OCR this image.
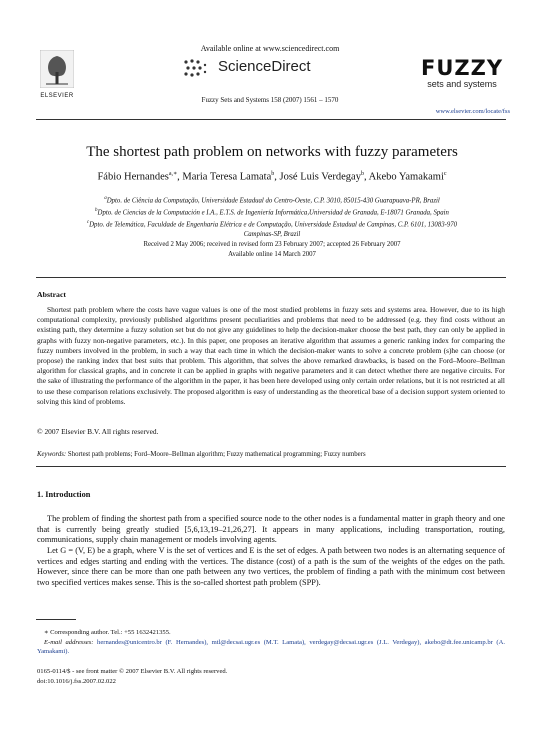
Available online at www.sciencedirect.com
ScienceDirect
Fuzzy Sets and Systems 158 (2007) 1561 – 1570
ELSEVIER
FUZZY
sets and systems
www.elsevier.com/locate/fss
The shortest path problem on networks with fuzzy parameters
Fábio Hernandes$^{a,∗}$, Maria Teresa Lamata$^b$, José Luis Verdegay$^b$, Akebo Yamakami$^c$
$^a$Dpto. de Ciência da Computação, Universidade Estadual do Centro-Oeste, C.P. 3010, 85015-430 Guarapuava-PR, Brazil
$^b$Dpto. de Ciencias de la Computación e I.A., E.T.S. de Ingeniería Informática,Universidad de Granada, E-18071 Granada, Spain
$^c$Dpto. de Telemática, Faculdade de Engenharia Elétrica e de Computação, Universidade Estadual de Campinas, C.P. 6101, 13083-970
Campinas-SP, Brazil
Received 2 May 2006; received in revised form 23 February 2007; accepted 26 February 2007
Available online 14 March 2007
Abstract
Shortest path problem where the costs have vague values is one of the most studied problems in fuzzy sets and systems area. However, due to its high computational complexity, previously published algorithms present peculiarities and problems that need to be addressed (e.g. they find costs without an existing path, they determine a fuzzy solution set but do not give any guidelines to help the decision-maker choose the best path, they can only be applied in graphs with fuzzy non-negative parameters, etc.). In this paper, one proposes an iterative algorithm that assumes a generic ranking index for comparing the fuzzy numbers involved in the problem, in such a way that each time in which the decision-maker wants to solve a concrete problem (s)he can choose (or propose) the ranking index that best suits that problem. This algorithm, that solves the above remarked drawbacks, is based on the Ford–Moore–Bellman algorithm for classical graphs, and in concrete it can be applied in graphs with negative parameters and it can detect whether there are negative circuits. For the sake of illustrating the performance of the algorithm in the paper, it has been here developed using only certain order relations, but it is not restricted at all to use these comparison relations exclusively. The proposed algorithm is easy of understanding as the theoretical base of a decision support system oriented to solving this kind of problems.
© 2007 Elsevier B.V. All rights reserved.
Keywords: Shortest path problems; Ford–Moore–Bellman algorithm; Fuzzy mathematical programming; Fuzzy numbers
1. Introduction
The problem of finding the shortest path from a specified source node to the other nodes is a fundamental matter in graph theory and one that is currently being greatly studied [5,6,13,19–21,26,27]. It appears in many applications, including transportation, routing, communications, supply chain management or models involving agents.
Let G = (V, E) be a graph, where V is the set of vertices and E is the set of edges. A path between two nodes is an alternating sequence of vertices and edges starting and ending with the vertices. The distance (cost) of a path is the sum of the weights of the edges on the path. However, since there can be more than one path between any two vertices, the problem of finding a path with the minimum cost between two specified vertices makes sense. This is the so-called shortest path problem (SPP).
∗ Corresponding author. Tel.: +55 1632421355.
E-mail addresses: hernandes@unicentro.br (F. Hernandes), mtl@decsai.ugr.es (M.T. Lamata), verdegay@decsai.ugr.es (J.L. Verdegay), akebo@dt.fee.unicamp.br (A. Yamakami).
0165-0114/$ - see front matter © 2007 Elsevier B.V. All rights reserved.
doi:10.1016/j.fss.2007.02.022
